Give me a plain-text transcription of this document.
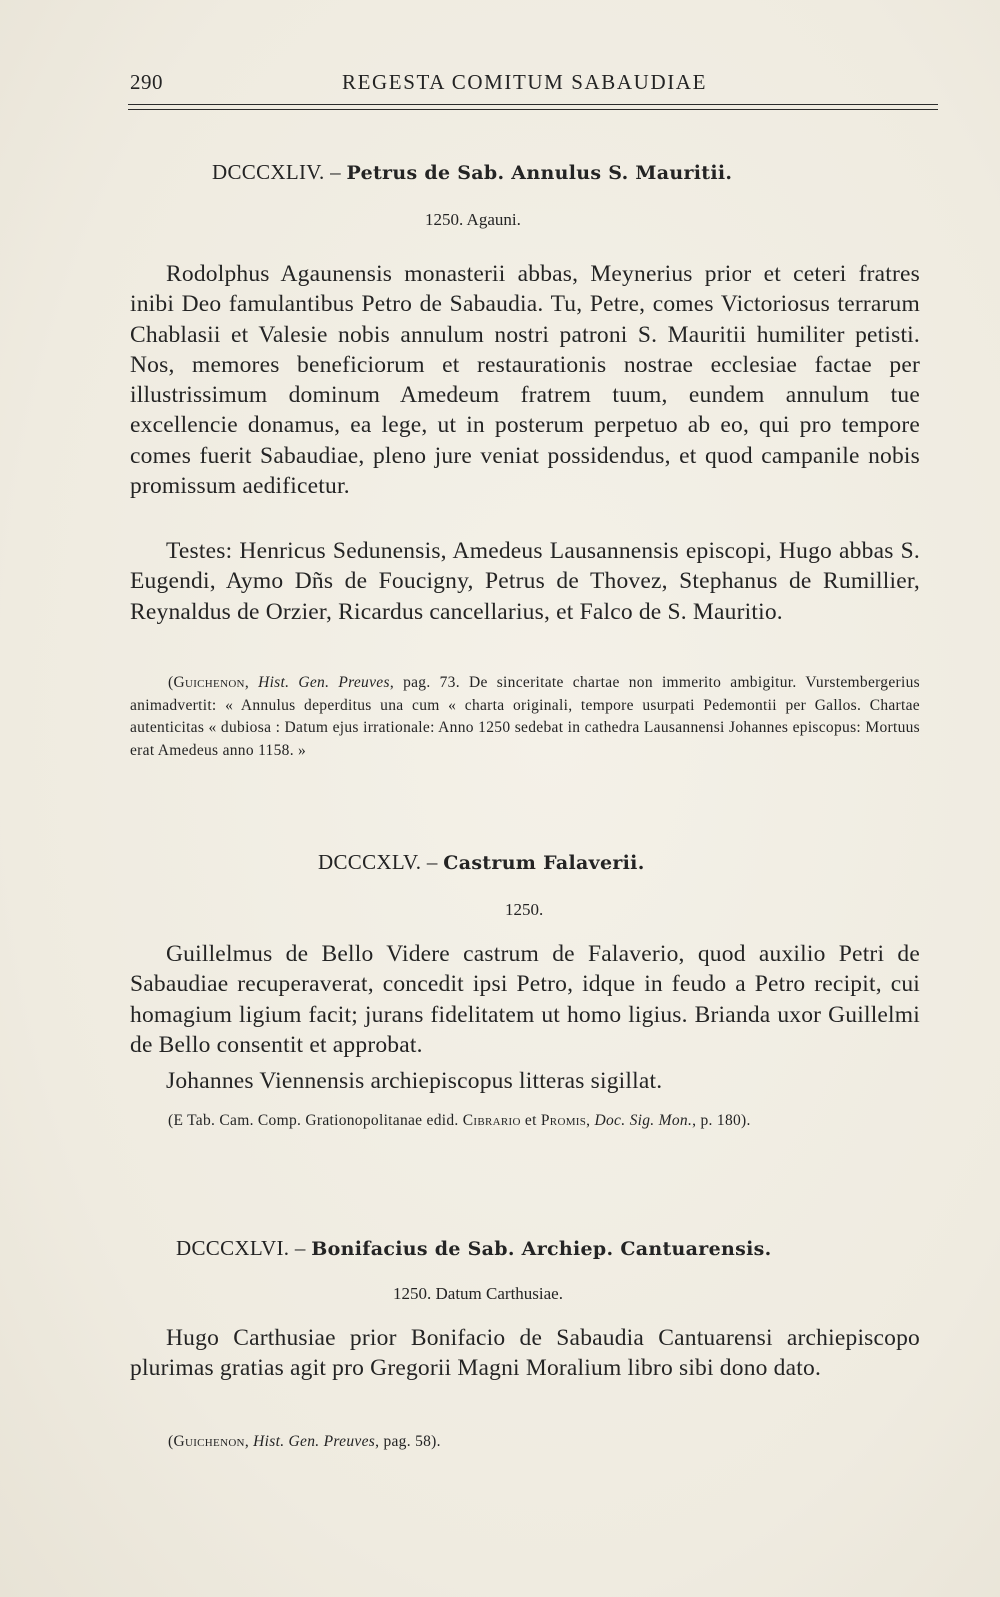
290	REGESTA COMITUM SABAUDIAE
DCCCXLIV. – Petrus de Sab. Annulus S. Mauritii.
1250. Agauni.

Rodolphus Agaunensis monasterii abbas, Meynerius prior et ceteri fratres inibi Deo famulantibus Petro de Sabaudia. Tu, Petre, comes Victoriosus terrarum Chablasii et Valesie nobis annulum nostri patroni S. Mauritii humiliter petisti. Nos, memores beneficiorum et restaurationis nostrae ecclesiae factae per illustrissimum dominum Amedeum fratrem tuum, eundem annulum tue excellencie donamus, ea lege, ut in posterum perpetuo ab eo, qui pro tempore comes fuerit Sabaudiae, pleno jure veniat possidendus, et quod campanile nobis promissum aedificetur.

Testes: Henricus Sedunensis, Amedeus Lausannensis episcopi, Hugo abbas S. Eugendi, Aymo Dñs de Foucigny, Petrus de Thovez, Stephanus de Rumillier, Reynaldus de Orzier, Ricardus cancellarius, et Falco de S. Mauritio.

(Guichenon, Hist. Gen. Preuves, pag. 73. De sinceritate chartae non immerito ambigitur. Vurstembergerius animadvertit: « Annulus deperditus una cum « charta originali, tempore usurpati Pedemontii per Gallos. Chartae autenticitas « dubiosa : Datum ejus irrationale: Anno 1250 sedebat in cathedra Lausannensi Johannes episcopus: Mortuus erat Amedeus anno 1158. »

DCCCXLV. – Castrum Falaverii.
1250.

Guillelmus de Bello Videre castrum de Falaverio, quod auxilio Petri de Sabaudiae recuperaverat, concedit ipsi Petro, idque in feudo a Petro recipit, cui homagium ligium facit; jurans fidelitatem ut homo ligius. Brianda uxor Guillelmi de Bello consentit et approbat.

Johannes Viennensis archiepiscopus litteras sigillat.

(E Tab. Cam. Comp. Grationopolitanae edid. Cibrario et Promis, Doc. Sig. Mon., p. 180).

DCCCXLVI. – Bonifacius de Sab. Archiep. Cantuarensis.
1250. Datum Carthusiae.

Hugo Carthusiae prior Bonifacio de Sabaudia Cantuarensi archiepiscopo plurimas gratias agit pro Gregorii Magni Moralium libro sibi dono dato.

(Guichenon, Hist. Gen. Preuves, pag. 58).
